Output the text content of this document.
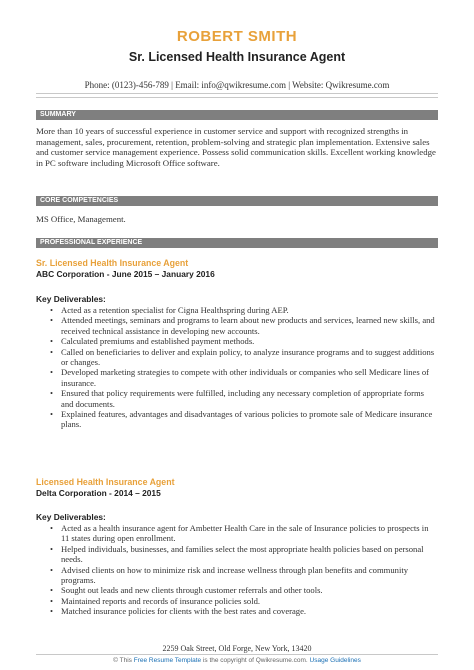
ROBERT SMITH
Sr. Licensed Health Insurance Agent
Phone: (0123)-456-789 | Email: info@qwikresume.com | Website: Qwikresume.com
SUMMARY
More than 10 years of successful experience in customer service and support with recognized strengths in management, sales, procurement, retention, problem-solving and strategic plan implementation. Extensive sales and customer service management experience. Possess solid communication skills. Excellent working knowledge in PC software including Microsoft Office software.
CORE COMPETENCIES
MS Office, Management.
PROFESSIONAL EXPERIENCE
Sr. Licensed Health Insurance Agent
ABC Corporation - June 2015 – January 2016
Key Deliverables:
• Acted as a retention specialist for Cigna Healthspring during AEP.
• Attended meetings, seminars and programs to learn about new products and services, learned new skills, and received technical assistance in developing new accounts.
• Calculated premiums and established payment methods.
• Called on beneficiaries to deliver and explain policy, to analyze insurance programs and to suggest additions or changes.
• Developed marketing strategies to compete with other individuals or companies who sell Medicare lines of insurance.
• Ensured that policy requirements were fulfilled, including any necessary completion of appropriate forms and documents.
• Explained features, advantages and disadvantages of various policies to promote sale of Medicare insurance plans.
Licensed Health Insurance Agent
Delta Corporation - 2014 – 2015
Key Deliverables:
• Acted as a health insurance agent for Ambetter Health Care in the sale of Insurance policies to prospects in 11 states during open enrollment.
• Helped individuals, businesses, and families select the most appropriate health policies based on personal needs.
• Advised clients on how to minimize risk and increase wellness through plan benefits and community programs.
• Sought out leads and new clients through customer referrals and other tools.
• Maintained reports and records of insurance policies sold.
• Matched insurance policies for clients with the best rates and coverage.
2259 Oak Street, Old Forge, New York, 13420
© This Free Resume Template is the copyright of Qwikresume.com. Usage Guidelines
